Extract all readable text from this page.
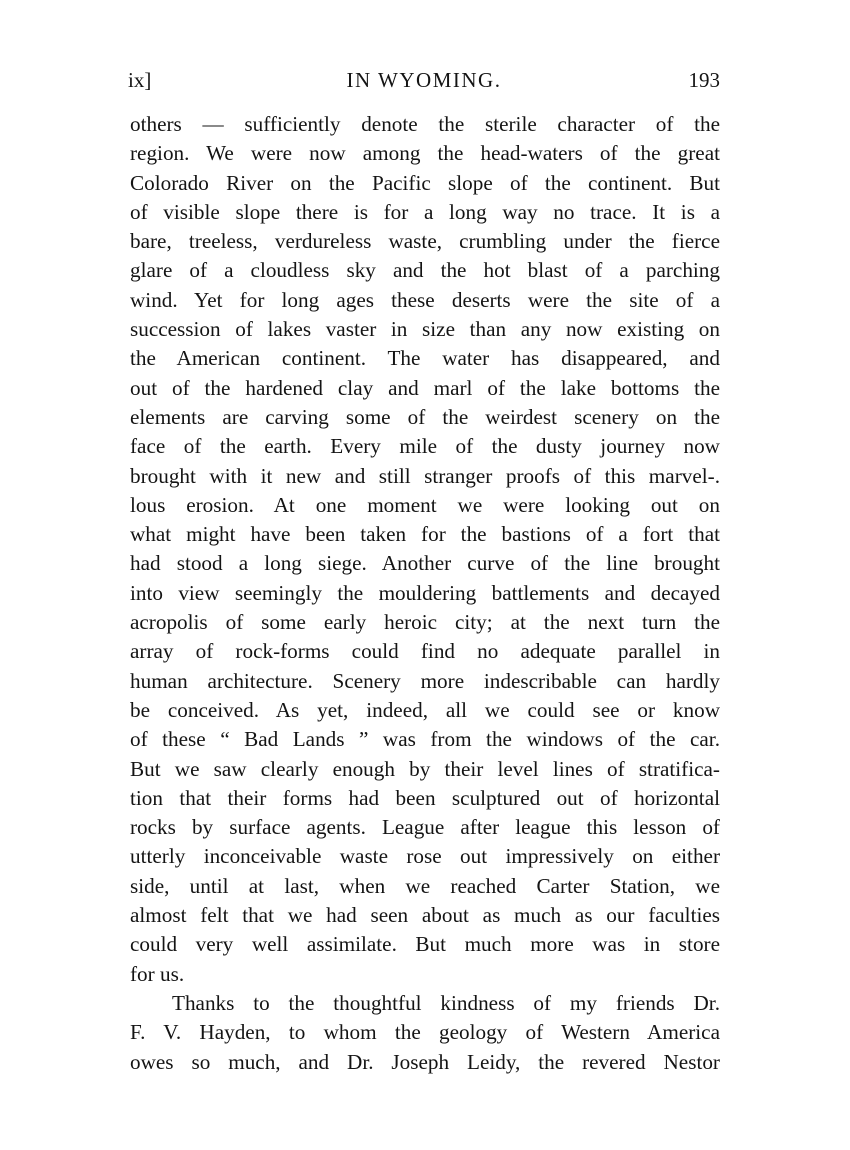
ix]	IN WYOMING.	193
others — sufficiently denote the sterile character of the
region. We were now among the head-waters of the great
Colorado River on the Pacific slope of the continent. But
of visible slope there is for a long way no trace. It is a
bare, treeless, verdureless waste, crumbling under the fierce
glare of a cloudless sky and the hot blast of a parching
wind. Yet for long ages these deserts were the site of a
succession of lakes vaster in size than any now existing on
the American continent. The water has disappeared, and
out of the hardened clay and marl of the lake bottoms the
elements are carving some of the weirdest scenery on the
face of the earth. Every mile of the dusty journey now
brought with it new and still stranger proofs of this marvel-.
lous erosion. At one moment we were looking out on
what might have been taken for the bastions of a fort that
had stood a long siege. Another curve of the line brought
into view seemingly the mouldering battlements and decayed
acropolis of some early heroic city; at the next turn the
array of rock-forms could find no adequate parallel in
human architecture. Scenery more indescribable can hardly
be conceived. As yet, indeed, all we could see or know
of these “ Bad Lands ” was from the windows of the car.
But we saw clearly enough by their level lines of stratifica-
tion that their forms had been sculptured out of horizontal
rocks by surface agents. League after league this lesson of
utterly inconceivable waste rose out impressively on either
side, until at last, when we reached Carter Station, we
almost felt that we had seen about as much as our faculties
could very well assimilate. But much more was in store
for us.
Thanks to the thoughtful kindness of my friends Dr.
F. V. Hayden, to whom the geology of Western America
owes so much, and Dr. Joseph Leidy, the revered Nestor
